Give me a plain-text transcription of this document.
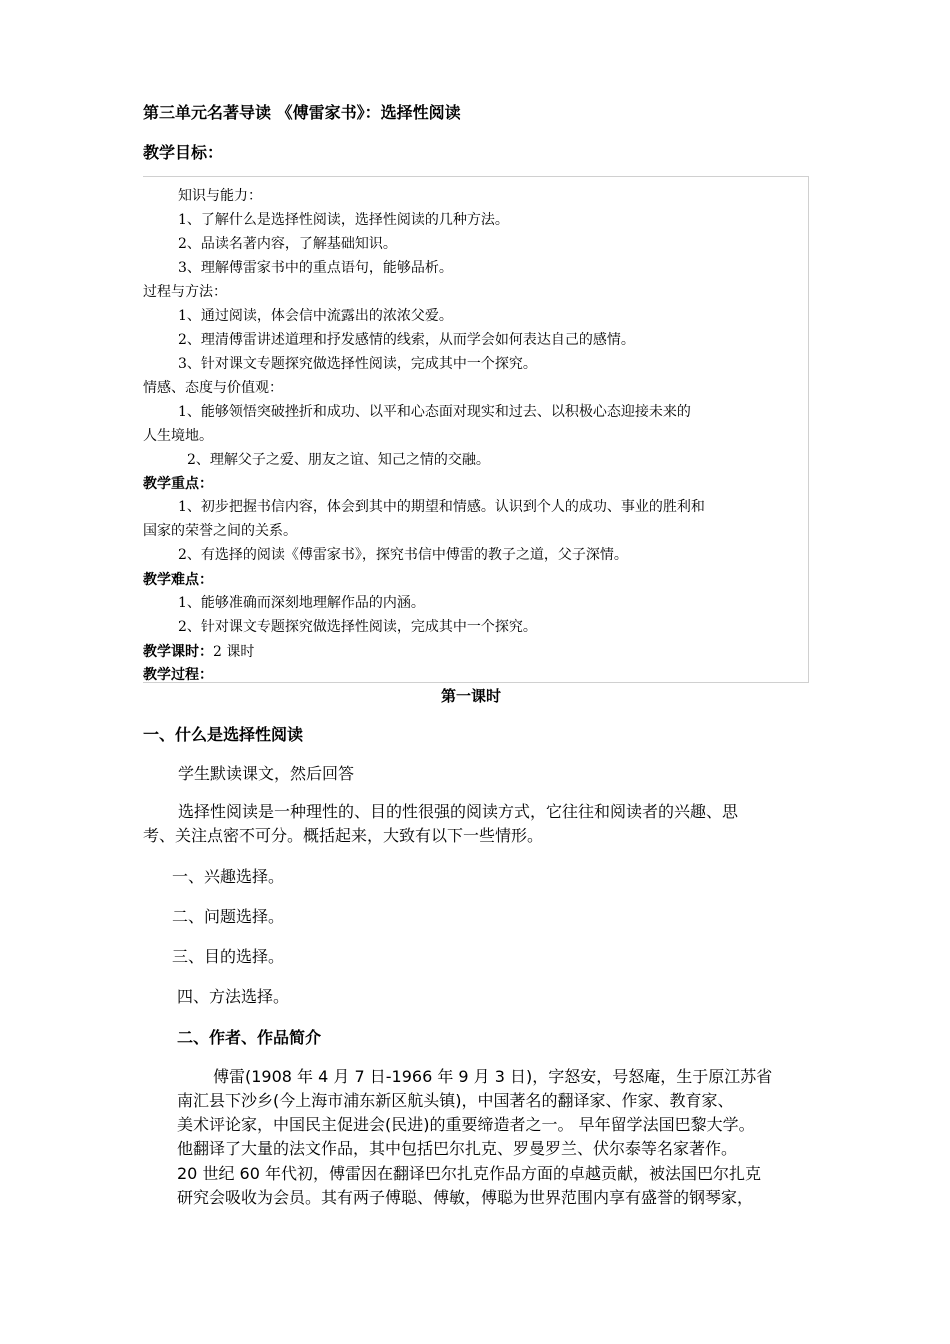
第三单元名著导读 《傅雷家书》：选择性阅读
教学目标：
知识与能力：
1、了解什么是选择性阅读，选择性阅读的几种方法。
2、品读名著内容，了解基础知识。
3、理解傅雷家书中的重点语句，能够品析。
过程与方法：
1、通过阅读，体会信中流露出的浓浓父爱。
2、理清傅雷讲述道理和抒发感情的线索，从而学会如何表达自己的感情。
3、针对课文专题探究做选择性阅读，完成其中一个探究。
情感、态度与价值观：
1、能够领悟突破挫折和成功、以平和心态面对现实和过去、以积极心态迎接未来的
人生境地。
2、理解父子之爱、朋友之谊、知己之情的交融。
教学重点：
1、初步把握书信内容，体会到其中的期望和情感。认识到个人的成功、事业的胜利和
国家的荣誉之间的关系。
2、有选择的阅读《傅雷家书》，探究书信中傅雷的教子之道，父子深情。
教学难点：
1、能够准确而深刻地理解作品的内涵。
2、针对课文专题探究做选择性阅读，完成其中一个探究。
教学课时：2 课时
教学过程：
第一课时
一、什么是选择性阅读
学生默读课文，然后回答
选择性阅读是一种理性的、目的性很强的阅读方式，它往往和阅读者的兴趣、思
考、关注点密不可分。概括起来，大致有以下一些情形。
一、兴趣选择。
二、问题选择。
三、目的选择。
四、方法选择。
二、作者、作品简介
傅雷(1908 年 4 月 7 日-1966 年 9 月 3 日)，字怒安，号怒庵，生于原江苏省
南汇县下沙乡(今上海市浦东新区航头镇)，中国著名的翻译家、作家、教育家、
美术评论家，中国民主促进会(民进)的重要缔造者之一。 早年留学法国巴黎大学。
他翻译了大量的法文作品，其中包括巴尔扎克、罗曼罗兰、伏尔泰等名家著作。
20 世纪 60 年代初，傅雷因在翻译巴尔扎克作品方面的卓越贡献，被法国巴尔扎克
研究会吸收为会员。其有两子傅聪、傅敏，傅聪为世界范围内享有盛誉的钢琴家，
